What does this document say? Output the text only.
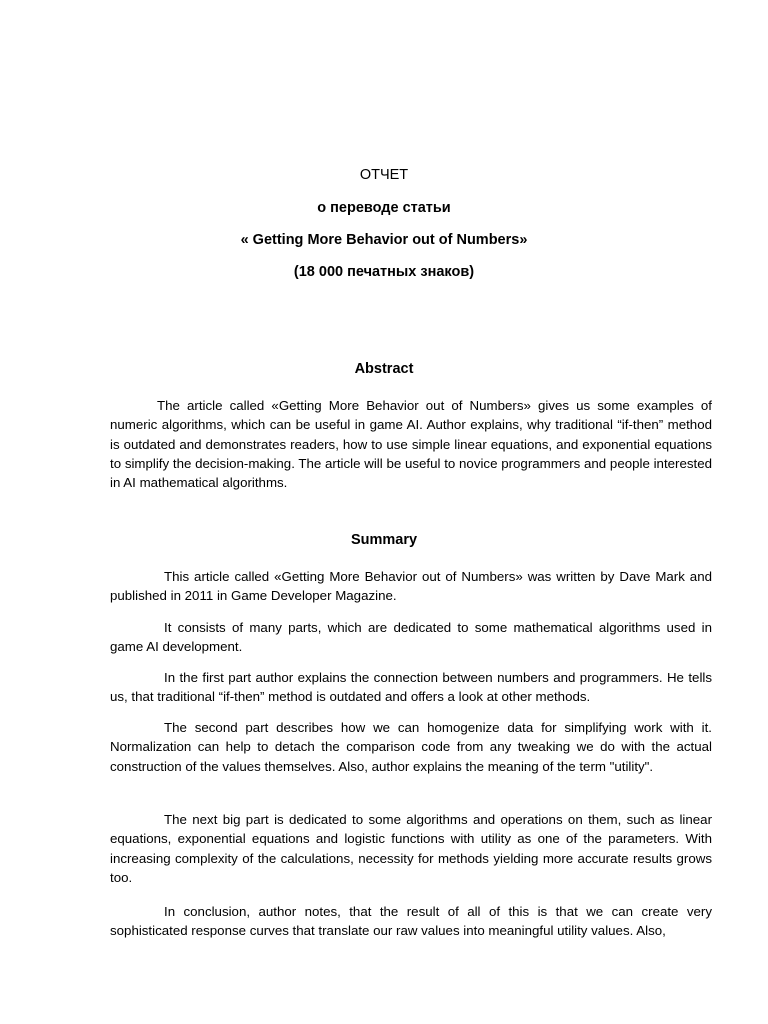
ОТЧЕТ
о переводе статьи
« Getting More Behavior out of Numbers»
(18 000 печатных знаков)
Abstract

The article called «Getting More Behavior out of Numbers» gives us some examples of numeric algorithms, which can be useful in game AI. Author explains, why traditional “if-then” method is outdated and demonstrates readers, how to use simple linear equations, and exponential equations to simplify the decision-making. The article will be useful to novice programmers and people interested in AI mathematical algorithms.

Summary

This article called «Getting More Behavior out of Numbers» was written by Dave Mark and published in 2011 in Game Developer Magazine.

It consists of many parts, which are dedicated to some mathematical algorithms used in game AI development.

In the first part author explains the connection between numbers and programmers. He tells us, that traditional “if-then” method is outdated and offers a look at other methods.

The second part describes how we can homogenize data for simplifying work with it. Normalization can help to detach the comparison code from any tweaking we do with the actual construction of the values themselves. Also, author explains the meaning of the term "utility".

The next big part is dedicated to some algorithms and operations on them, such as linear equations, exponential equations and logistic functions with utility as one of the parameters. With increasing complexity of the calculations, necessity for methods yielding more accurate results grows too.

In conclusion, author notes, that the result of all of this is that we can create very sophisticated response curves that translate our raw values into meaningful utility values. Also,
